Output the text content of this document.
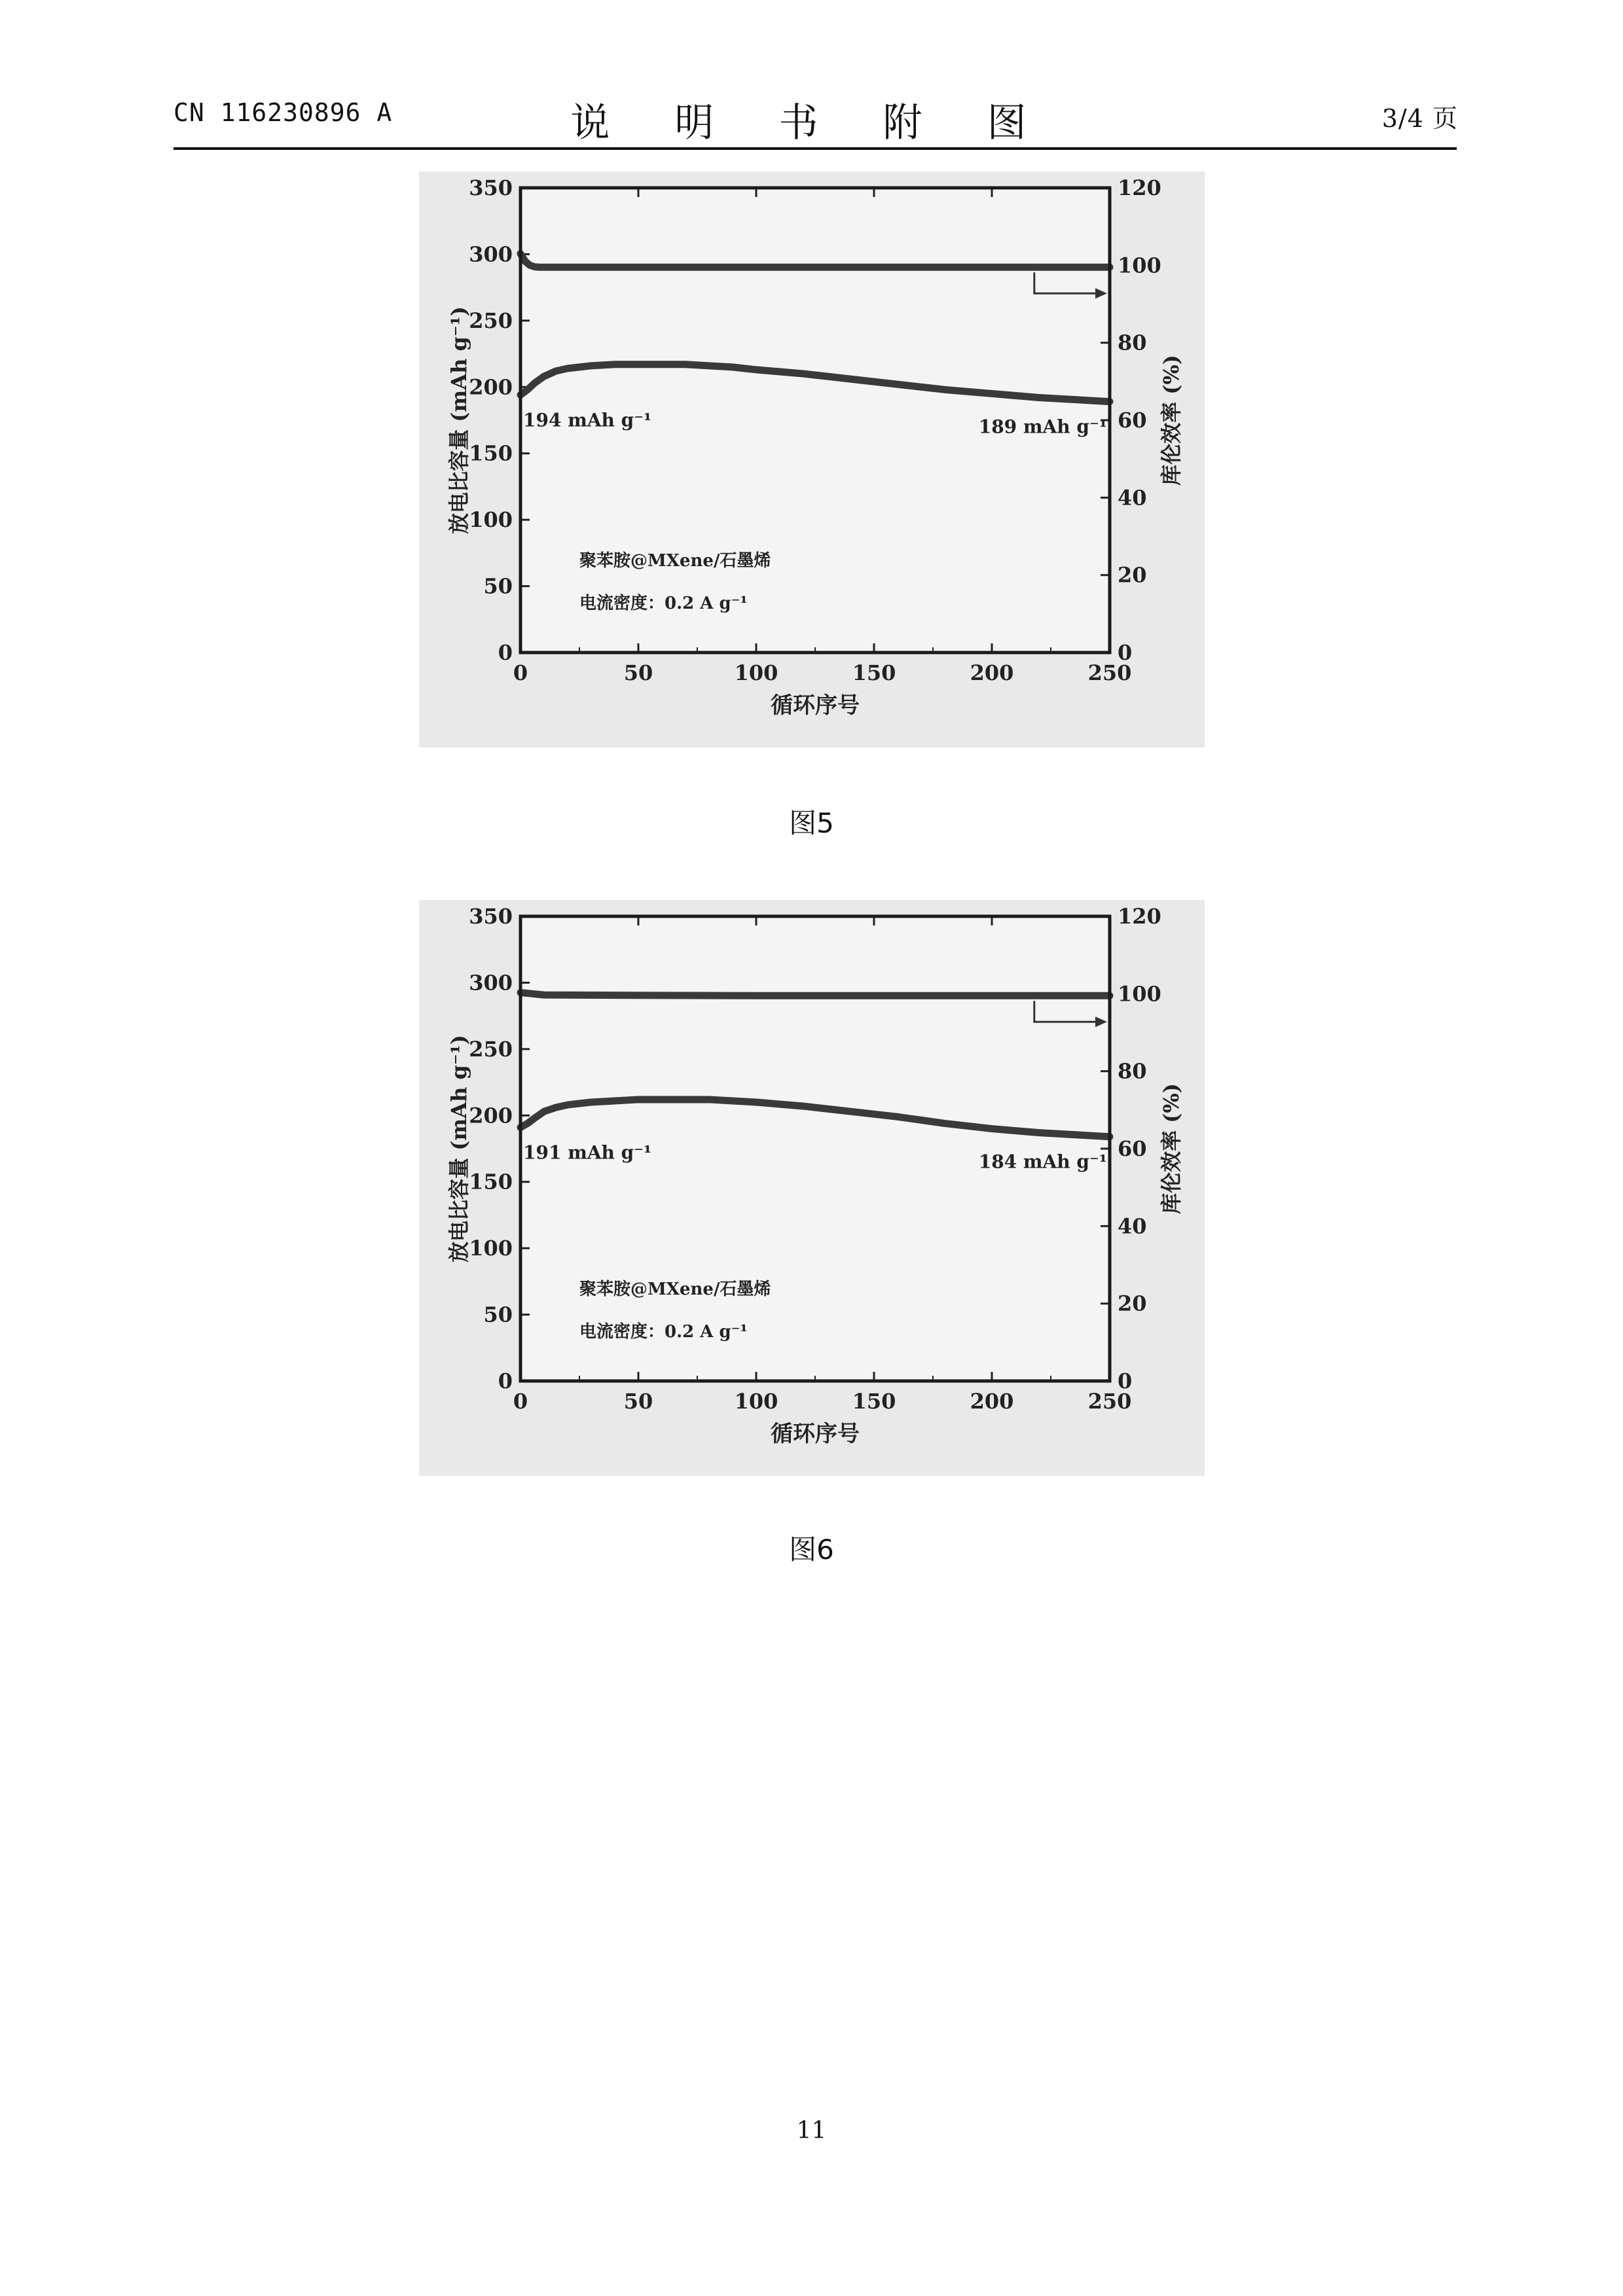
CN 116230896 A	说 明 书 附 图	3/4 页
0	50	100	150	200	250
0
50
100
150
200
250
300
350
0
20
40
60
80
100
120
194 mAh g⁻¹	189 mAh g⁻¹
聚苯胺@MXene/石墨烯
电流密度：0.2 A g⁻¹
循环序号
放电比容量 (mAh g⁻¹)	库伦效率 (%)
图5
0	50	100	150	200	250
0
50
100
150
200
250
300
350
0
20
40
60
80
100
120
191 mAh g⁻¹	184 mAh g⁻¹
聚苯胺@MXene/石墨烯
电流密度：0.2 A g⁻¹
循环序号
放电比容量 (mAh g⁻¹)	库伦效率 (%)
图6
11
